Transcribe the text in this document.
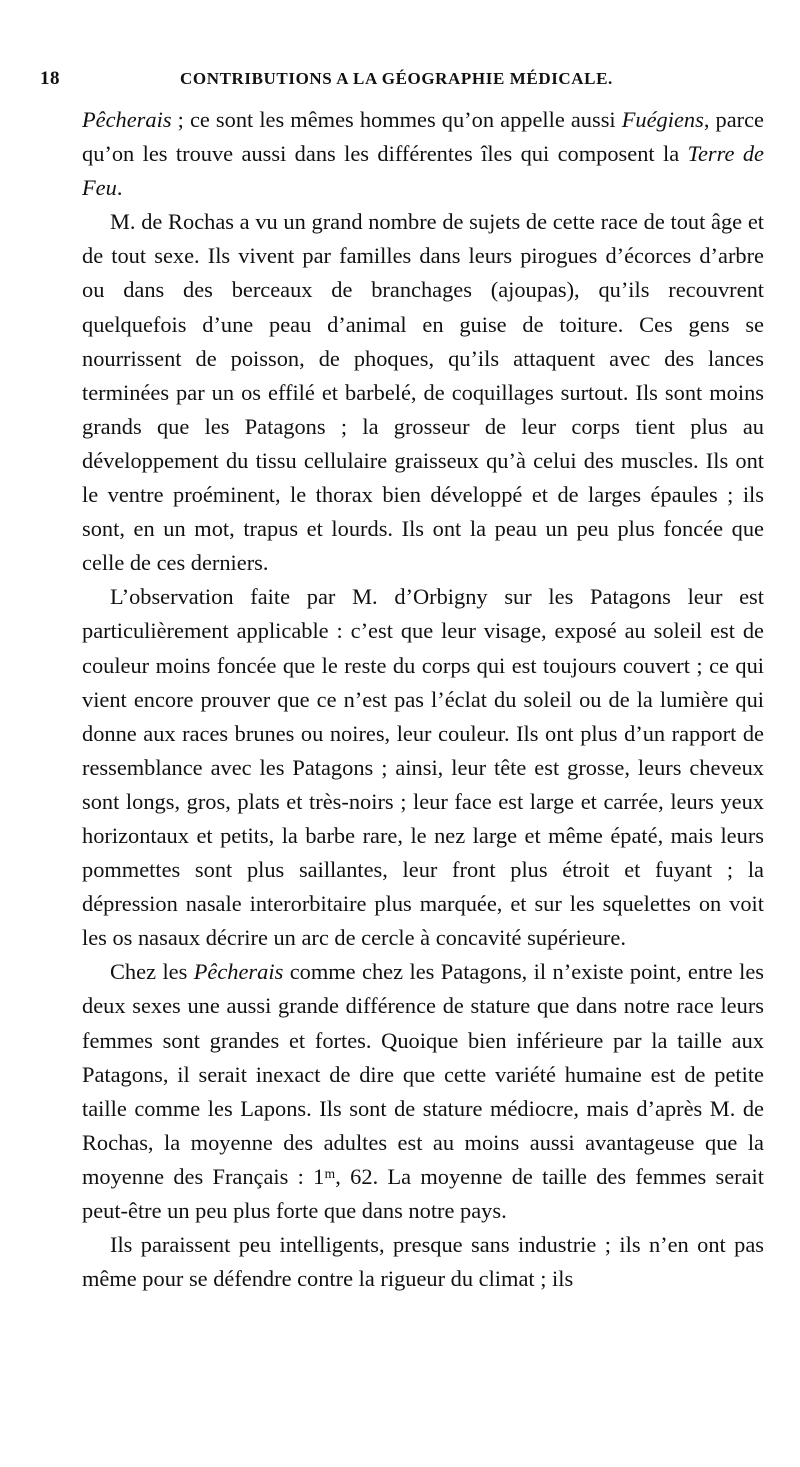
18	CONTRIBUTIONS A LA GÉOGRAPHIE MÉDICALE.

Pêcherais ; ce sont les mêmes hommes qu’on appelle aussi Fuégiens, parce qu’on les trouve aussi dans les différentes îles qui composent la Terre de Feu.

M. de Rochas a vu un grand nombre de sujets de cette race de tout âge et de tout sexe. Ils vivent par familles dans leurs pirogues d’écorces d’arbre ou dans des berceaux de branchages (ajoupas), qu’ils recouvrent quelquefois d’une peau d’animal en guise de toiture. Ces gens se nourrissent de poisson, de phoques, qu’ils attaquent avec des lances terminées par un os effilé et barbelé, de coquillages surtout. Ils sont moins grands que les Patagons ; la grosseur de leur corps tient plus au développement du tissu cellulaire graisseux qu’à celui des muscles. Ils ont le ventre proéminent, le thorax bien développé et de larges épaules ; ils sont, en un mot, trapus et lourds. Ils ont la peau un peu plus foncée que celle de ces derniers.

L’observation faite par M. d’Orbigny sur les Patagons leur est particulièrement applicable : c’est que leur visage, exposé au soleil est de couleur moins foncée que le reste du corps qui est toujours couvert ; ce qui vient encore prouver que ce n’est pas l’éclat du soleil ou de la lumière qui donne aux races brunes ou noires, leur couleur. Ils ont plus d’un rapport de ressemblance avec les Patagons ; ainsi, leur tête est grosse, leurs cheveux sont longs, gros, plats et très-noirs ; leur face est large et carrée, leurs yeux horizontaux et petits, la barbe rare, le nez large et même épaté, mais leurs pommettes sont plus saillantes, leur front plus étroit et fuyant ; la dépression nasale interorbitaire plus marquée, et sur les squelettes on voit les os nasaux décrire un arc de cercle à concavité supérieure.

Chez les Pêcherais comme chez les Patagons, il n’existe point, entre les deux sexes une aussi grande différence de stature que dans notre race leurs femmes sont grandes et fortes. Quoique bien inférieure par la taille aux Patagons, il serait inexact de dire que cette variété humaine est de petite taille comme les Lapons. Ils sont de stature médiocre, mais d’après M. de Rochas, la moyenne des adultes est au moins aussi avantageuse que la moyenne des Français : 1ᵐ, 62. La moyenne de taille des femmes serait peut-être un peu plus forte que dans notre pays.

Ils paraissent peu intelligents, presque sans industrie ; ils n’en ont pas même pour se défendre contre la rigueur du climat ; ils
